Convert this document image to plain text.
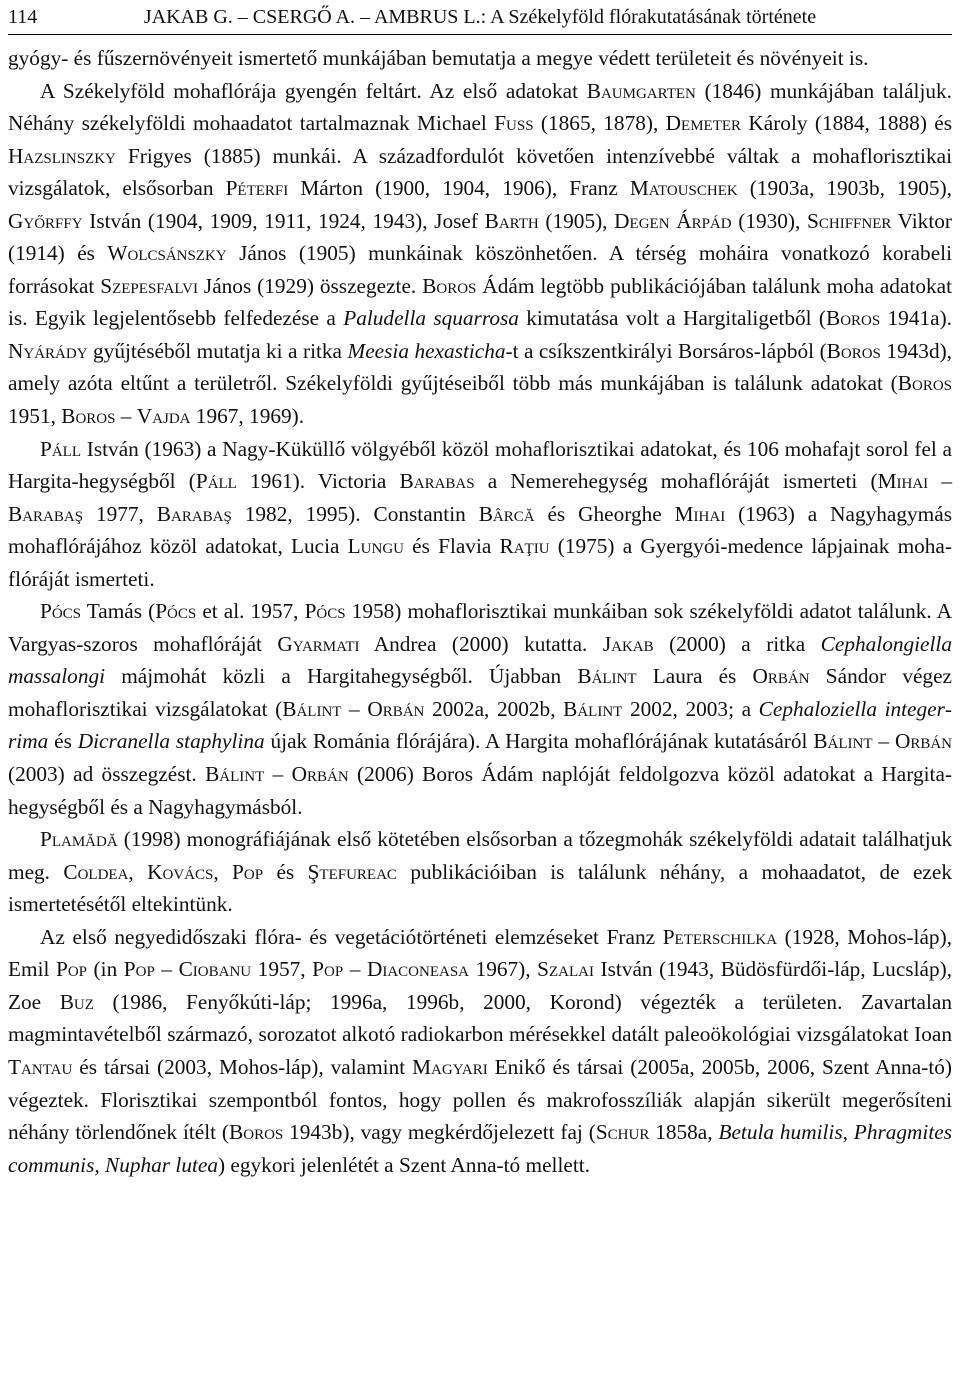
114	JAKAB G. – CSERGŐ A. – AMBRUS L.: A Székelyföld flórakutatásának története

gyógy- és fűszernövényeit ismertető munkájában bemutatja a megye védett területeit és növényeit is.

A Székelyföld mohaflórája gyengén feltárt. Az első adatokat Baumgarten (1846) munkájában találjuk. Néhány székelyföldi mohaadatot tartalmaznak Michael Fuss (1865, 1878), Demeter Károly (1884, 1888) és Hazslinszky Frigyes (1885) munkái. A századfordulót követően intenzívebbé váltak a mohaflorisztikai vizsgálatok, elsősorban Péterfi Márton (1900, 1904, 1906), Franz Matouschek (1903a, 1903b, 1905), Győrffy István (1904, 1909, 1911, 1924, 1943), Josef Barth (1905), Degen Árpád (1930), Schiffner Viktor (1914) és Wolcsánszky János (1905) munkáinak köszönhetően. A térség moháira vonatkozó korabeli forrásokat Szepesfalvi János (1929) összegezte. Boros Ádám legtöbb publikációjában találunk moha adatokat is. Egyik legjelentősebb felfedezése a Paludella squarrosa kimutatása volt a Hargitaligetből (Boros 1941a). Nyárády gyűjtéséből mutatja ki a ritka Meesia hexasticha-t a csíkszentkirályi Borsáros-lápból (Boros 1943d), amely azóta eltűnt a területről. Székelyföldi gyűjtéseiből több más munkájában is találunk adatokat (Boros 1951, Boros – Vajda 1967, 1969).

Páll István (1963) a Nagy-Küküllő völgyéből közöl mohaflorisztikai adatokat, és 106 mohafajt sorol fel a Hargita-hegységből (Páll 1961). Victoria Barabas a Nemerehegység mohaflóráját ismerteti (Mihai – Barabaş 1977, Barabaş 1982, 1995). Constantin Bârcă és Gheorghe Mihai (1963) a Nagyhagymás mohaflórájához közöl adatokat, Lucia Lungu és Flavia Raţiu (1975) a Gyergyói-medence lápjainak mohaflóráját ismerteti.

Pócs Tamás (Pócs et al. 1957, Pócs 1958) mohaflorisztikai munkáiban sok székelyföldi adatot találunk. A Vargyas-szoros mohaflóráját Gyarmati Andrea (2000) kutatta. Jakab (2000) a ritka Cephalongiella massalongi májmohát közli a Hargitahegységből. Újabban Bálint Laura és Orbán Sándor végez mohaflorisztikai vizsgálatokat (Bálint – Orbán 2002a, 2002b, Bálint 2002, 2003; a Cephaloziella integerrima és Dicranella staphylina újak Románia flórájára). A Hargita mohaflórájának kutatásáról Bálint – Orbán (2003) ad összegzést. Bálint – Orbán (2006) Boros Ádám naplóját feldolgozva közöl adatokat a Hargita-hegységből és a Nagyhagymásból.

Plamădă (1998) monográfiájának első kötetében elsősorban a tőzegmohák székelyföldi adatait találhatjuk meg. Coldea, Kovács, Pop és Ştefureac publikációiban is találunk néhány, a mohaadatot, de ezek ismertetésétől eltekintünk.

Az első negyedidőszaki flóra- és vegetációtörténeti elemzéseket Franz Peterschilka (1928, Mohos-láp), Emil Pop (in Pop – Ciobanu 1957, Pop – Diaconeasa 1967), Szalai István (1943, Büdösfürdői-láp, Lucsláp), Zoe Buz (1986, Fenyőkúti-láp; 1996a, 1996b, 2000, Korond) végezték a területen. Zavartalan magmintavételből származó, sorozatot alkotó radiokarbon mérésekkel datált paleoökológiai vizsgálatokat Ioan Tantau és társai (2003, Mohos-láp), valamint Magyari Enikő és társai (2005a, 2005b, 2006, Szent Anna-tó) végeztek. Florisztikai szempontból fontos, hogy pollen és makrofosszíliák alapján sikerült megerősíteni néhány törlendőnek ítélt (Boros 1943b), vagy megkérdőjelezett faj (Schur 1858a, Betula humilis, Phragmites communis, Nuphar lutea) egykori jelenlétét a Szent Anna-tó mellett.
